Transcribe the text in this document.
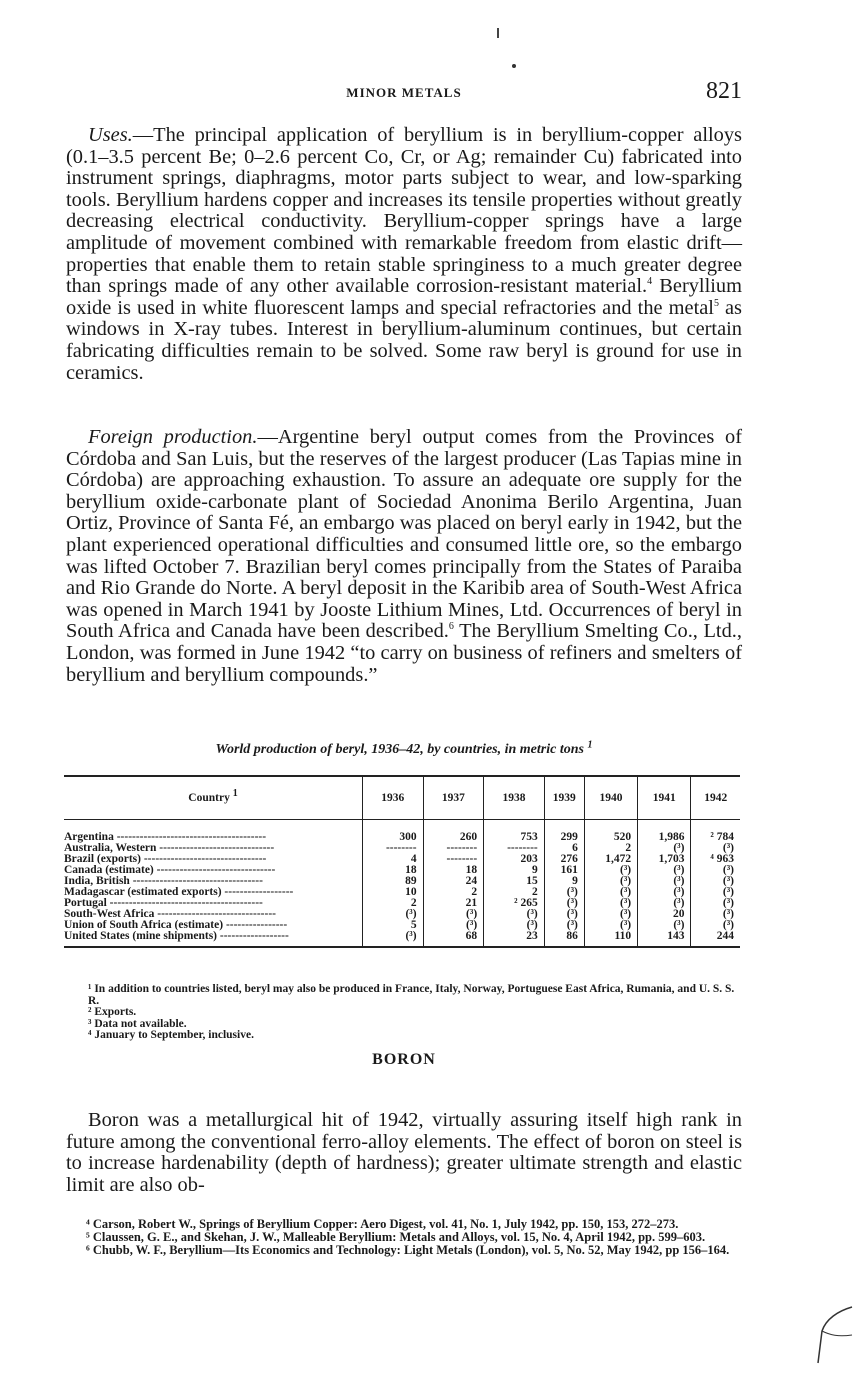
MINOR METALS	821

Uses.—The principal application of beryllium is in beryllium-copper alloys (0.1–3.5 percent Be; 0–2.6 percent Co, Cr, or Ag; remainder Cu) fabricated into instrument springs, diaphragms, motor parts subject to wear, and low-sparking tools. Beryllium hardens copper and increases its tensile properties without greatly decreasing electrical conductivity. Beryllium-copper springs have a large amplitude of movement combined with remarkable freedom from elastic drift—properties that enable them to retain stable springiness to a much greater degree than springs made of any other available corrosion-resistant material.$^4$ Beryllium oxide is used in white fluorescent lamps and special refractories and the metal$^5$ as windows in X-ray tubes. Interest in beryllium-aluminum continues, but certain fabricating difficulties remain to be solved. Some raw beryl is ground for use in ceramics.

Foreign production.—Argentine beryl output comes from the Provinces of Córdoba and San Luis, but the reserves of the largest producer (Las Tapias mine in Córdoba) are approaching exhaustion. To assure an adequate ore supply for the beryllium oxide-carbonate plant of Sociedad Anonima Berilo Argentina, Juan Ortiz, Province of Santa Fé, an embargo was placed on beryl early in 1942, but the plant experienced operational difficulties and consumed little ore, so the embargo was lifted October 7. Brazilian beryl comes principally from the States of Paraiba and Rio Grande do Norte. A beryl deposit in the Karibib area of South-West Africa was opened in March 1941 by Jooste Lithium Mines, Ltd. Occurrences of beryl in South Africa and Canada have been described.$^6$ The Beryllium Smelting Co., Ltd., London, was formed in June 1942 “to carry on business of refiners and smelters of beryllium and beryllium compounds.”

World production of beryl, 1936–42, by countries, in metric tons $^1$
Country $^1$	1936	1937	1938	1939	1940	1941	1942
Argentina ---------------------------------------	300	260	753	299	520	1,986	² 784
Australia, Western ------------------------------	--------	--------	--------	6	2	(³)	(³)
Brazil (exports) --------------------------------	4	--------	203	276	1,472	1,703	⁴ 963
Canada (estimate) -------------------------------	18	18	9	161	(³)	(³)	(³)
India, British ----------------------------------	89	24	15	9	(³)	(³)	(³)
Madagascar (estimated exports) ------------------	10	2	2	(³)	(³)	(³)	(³)
Portugal ----------------------------------------	2	21	² 265	(³)	(³)	(³)	(³)
South-West Africa -------------------------------	(³)	(³)	(³)	(³)	(³)	20	(³)
Union of South Africa (estimate) ----------------	5	(³)	(³)	(³)	(³)	(³)	(³)
United States (mine shipments) ------------------	(³)	68	23	86	110	143	244

¹ In addition to countries listed, beryl may also be produced in France, Italy, Norway, Portuguese East Africa, Rumania, and U. S. S. R.

² Exports.

³ Data not available.

⁴ January to September, inclusive.

BORON

Boron was a metallurgical hit of 1942, virtually assuring itself high rank in future among the conventional ferro-alloy elements. The effect of boron on steel is to increase hardenability (depth of hardness); greater ultimate strength and elastic limit are also ob-

⁴ Carson, Robert W., Springs of Beryllium Copper: Aero Digest, vol. 41, No. 1, July 1942, pp. 150, 153, 272–273.

⁵ Claussen, G. E., and Skehan, J. W., Malleable Beryllium: Metals and Alloys, vol. 15, No. 4, April 1942, pp. 599–603.

⁶ Chubb, W. F., Beryllium—Its Economics and Technology: Light Metals (London), vol. 5, No. 52, May 1942, pp 156–164.
